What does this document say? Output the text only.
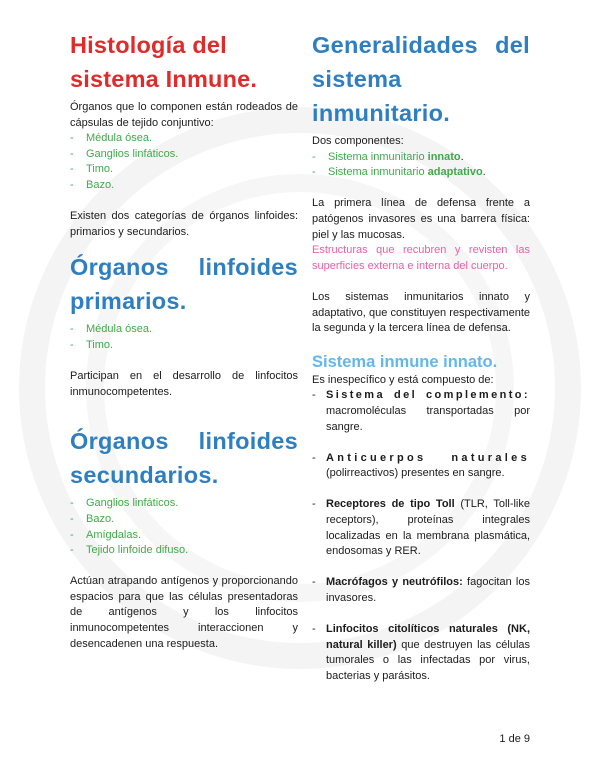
Histología del sistema Inmune.

Órganos que lo componen están rodeados de cápsulas de tejido conjuntivo:

- Médula ósea.
- Ganglios linfáticos.
- Timo.
- Bazo.

Existen dos categorías de órganos linfoides: primarios y secundarios.

Órganos linfoides
primarios.
- Médula ósea.
- Timo.

Participan en el desarrollo de linfocitos inmunocompetentes.

Órganos linfoides
secundarios.
- Ganglios linfáticos.
- Bazo.
- Amígdalas.
- Tejido linfoide difuso.

Actúan atrapando antígenos y proporcionando espacios para que las células presentadoras de antígenos y los linfocitos inmunocompetentes interaccionen y desencadenen una respuesta.

Generalidades del
sistema inmunitario.

Dos componentes:

- Sistema inmunitario innato.
- Sistema inmunitario adaptativo.

La primera línea de defensa frente a patógenos invasores es una barrera física: piel y las mucosas.

Estructuras que recubren y revisten las superficies externa e interna del cuerpo.

Los sistemas inmunitarios innato y adaptativo, que constituyen respectivamente la segunda y la tercera línea de defensa.

Sistema inmune innato.

Es inespecífico y está compuesto de:

- Sistema del complemento: macromoléculas transportadas por sangre.
- Anticuerpos naturales (polirreactivos) presentes en sangre.
- Receptores de tipo Toll (TLR, Toll-like receptors), proteínas integrales localizadas en la membrana plasmática, endosomas y RER.
- Macrófagos y neutrófilos: fagocitan los invasores.
- Linfocitos citolíticos naturales (NK, natural killer) que destruyen las células tumorales o las infectadas por virus, bacterias y parásitos.
1 de 9
